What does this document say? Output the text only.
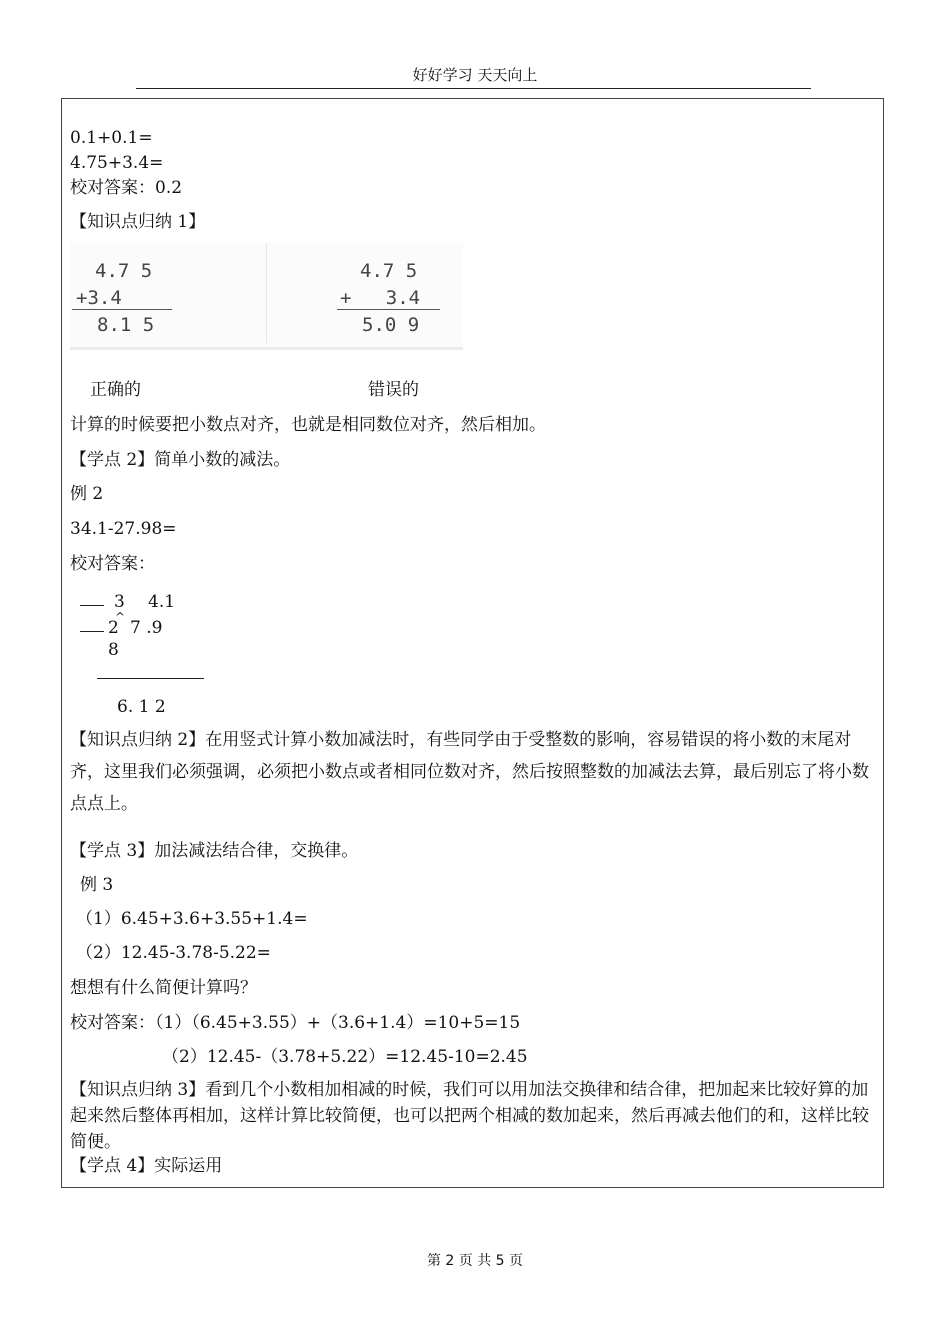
好好学习 天天向上
0.1+0.1=
4.75+3.4=
校对答案：0.2
【知识点归纳 1】
4.7 5
+3.4
8.1 5
4.7 5
+   3.4
5.0 9
正确的	错误的
计算的时候要把小数点对齐，也就是相同数位对齐，然后相加。
【学点 2】简单小数的减法。
例 2
34.1-27.98=
校对答案：
3 4.1
^
2 7 .9
8
6. 1 2
【知识点归纳 2】在用竖式计算小数加减法时，有些同学由于受整数的影响，容易错误的将小数的末尾对齐，这里我们必须强调，必须把小数点或者相同位数对齐，然后按照整数的加减法去算，最后别忘了将小数点点上。
【学点 3】加法减法结合律，交换律。
例 3
（1）6.45+3.6+3.55+1.4=
（2）12.45-3.78-5.22=
想想有什么简便计算吗？
校对答案：（1）（6.45+3.55）+（3.6+1.4）=10+5=15
（2）12.45-（3.78+5.22）=12.45-10=2.45
【知识点归纳 3】看到几个小数相加相减的时候，我们可以用加法交换律和结合律，把加起来比较好算的加起来然后整体再相加，这样计算比较简便，也可以把两个相减的数加起来，然后再减去他们的和，这样比较简便。
【学点 4】实际运用
第 2 页 共 5 页
